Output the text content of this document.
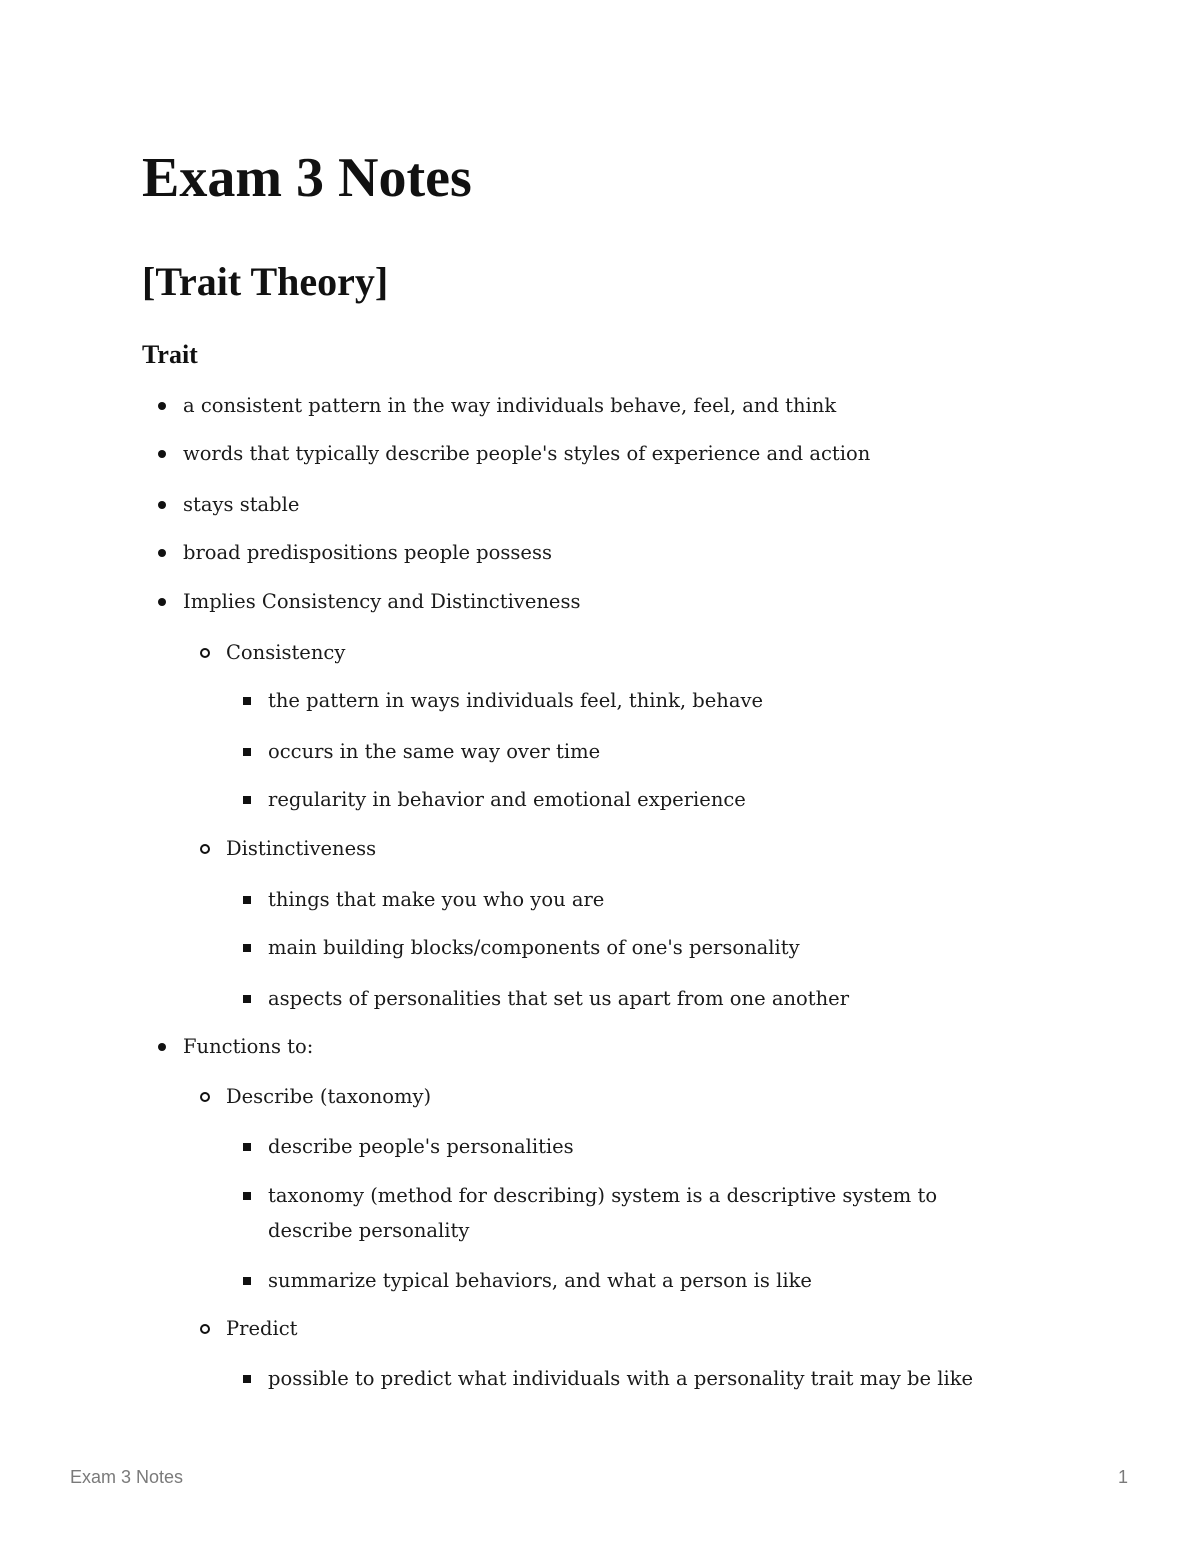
Exam 3 Notes
[Trait Theory]
Trait
a consistent pattern in the way individuals behave, feel, and think
words that typically describe people's styles of experience and action
stays stable
broad predispositions people possess
Implies Consistency and Distinctiveness
Consistency
the pattern in ways individuals feel, think, behave
occurs in the same way over time
regularity in behavior and emotional experience
Distinctiveness
things that make you who you are
main building blocks/components of one's personality
aspects of personalities that set us apart from one another
Functions to:
Describe (taxonomy)
describe people's personalities
taxonomy (method for describing) system is a descriptive system to describe personality
summarize typical behaviors, and what a person is like
Predict
possible to predict what individuals with a personality trait may be like
Exam 3 Notes	1
